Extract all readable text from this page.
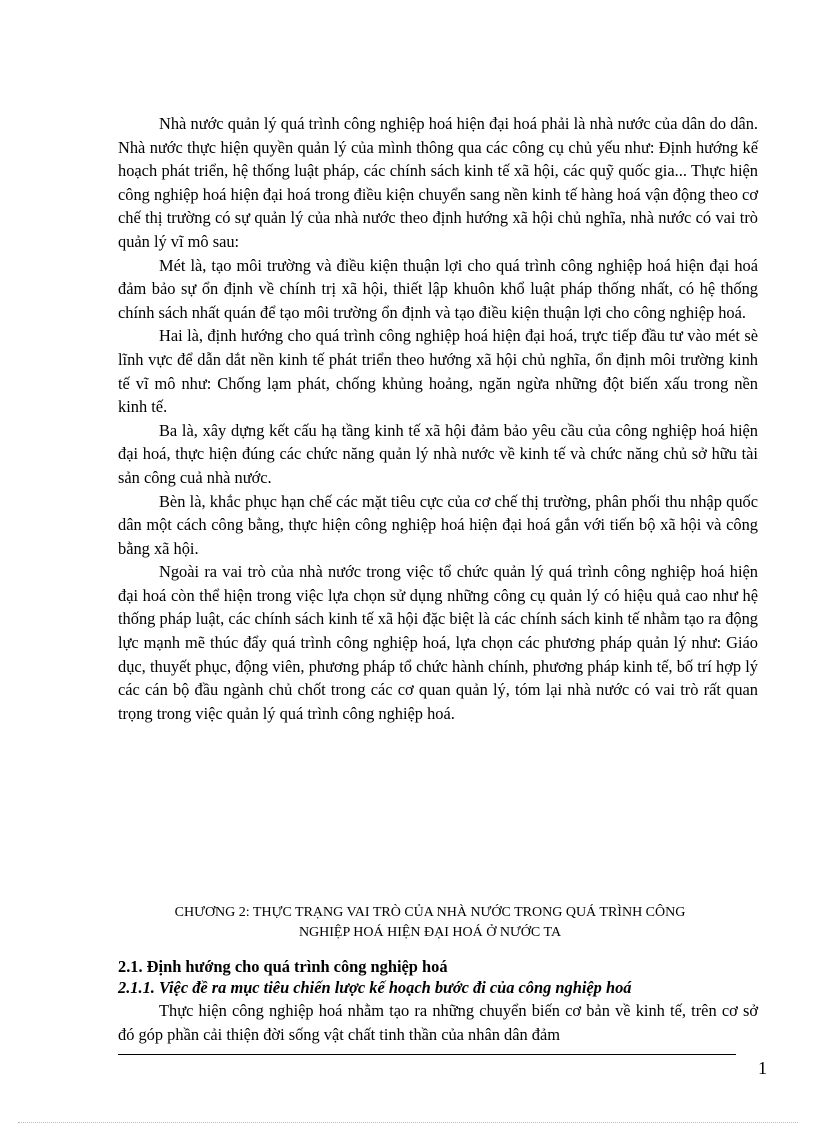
Nhà nước quản lý quá trình công nghiệp hoá hiện đại hoá phải là nhà nước của dân do dân. Nhà nước thực hiện quyền quản lý của mình thông qua các công cụ chủ yếu như: Định hướng kế hoạch phát triển, hệ thống luật pháp, các chính sách kinh tế xã hội, các quỹ quốc gia... Thực hiện công nghiệp hoá hiện đại hoá trong điều kiện chuyển sang nền kinh tế hàng hoá vận động theo cơ chế thị trường có sự quản lý của nhà nước theo định hướng xã hội chủ nghĩa, nhà nước có vai trò quản lý vĩ mô sau:

Mét là, tạo môi trường và điều kiện thuận lợi cho quá trình công nghiệp hoá hiện đại hoá đảm bảo sự ổn định về chính trị xã hội, thiết lập khuôn khổ luật pháp thống nhất, có hệ thống chính sách nhất quán để tạo môi trường ổn định và tạo điều kiện thuận lợi cho công nghiệp hoá.

Hai là, định hướng cho quá trình công nghiệp hoá hiện đại hoá, trực tiếp đầu tư vào mét sè lĩnh vực để dẫn dắt nền kinh tế phát triển theo hướng xã hội chủ nghĩa, ổn định môi trường kinh tế vĩ mô như: Chống lạm phát, chống khủng hoảng, ngăn ngừa những đột biến xấu trong nền kinh tế.

Ba là, xây dựng kết cấu hạ tầng kinh tế xã hội đảm bảo yêu cầu của công nghiệp hoá hiện đại hoá, thực hiện đúng các chức năng quản lý nhà nước về kinh tế và chức năng chủ sở hữu tài sản công cuả nhà nước.

Bèn là, khắc phục hạn chế các mặt tiêu cực của cơ chế thị trường, phân phối thu nhập quốc dân một cách công bằng, thực hiện công nghiệp hoá hiện đại hoá gắn với tiến bộ xã hội và công bằng xã hội.

Ngoài ra vai trò của nhà nước trong việc tổ chức quản lý quá trình công nghiệp hoá hiện đại hoá còn thể hiện trong việc lựa chọn sử dụng những công cụ quản lý có hiệu quả cao như hệ thống pháp luật, các chính sách kinh tế xã hội đặc biệt là các chính sách kinh tế nhằm tạo ra động lực mạnh mẽ thúc đẩy quá trình công nghiệp hoá, lựa chọn các phương pháp quản lý như: Giáo dục, thuyết phục, động viên, phương pháp tổ chức hành chính, phương pháp kinh tế, bố trí hợp lý các cán bộ đầu ngành chủ chốt trong các cơ quan quản lý, tóm lại nhà nước có vai trò rất quan trọng trong việc quản lý quá trình công nghiệp hoá.

CHƯƠNG 2: THỰC TRẠNG VAI TRÒ CỦA NHÀ NƯỚC TRONG QUÁ TRÌNH CÔNG
NGHIỆP HOÁ HIỆN ĐẠI HOÁ Ở NƯỚC TA
2.1. Định hướng cho quá trình công nghiệp hoá
2.1.1. Việc đề ra mục tiêu chiến lược kế hoạch bước đi của công nghiệp hoá

Thực hiện công nghiệp hoá nhằm tạo ra những chuyển biến cơ bản về kinh tế, trên cơ sở đó góp phần cải thiện đời sống vật chất tinh thần của nhân dân đảm

1
